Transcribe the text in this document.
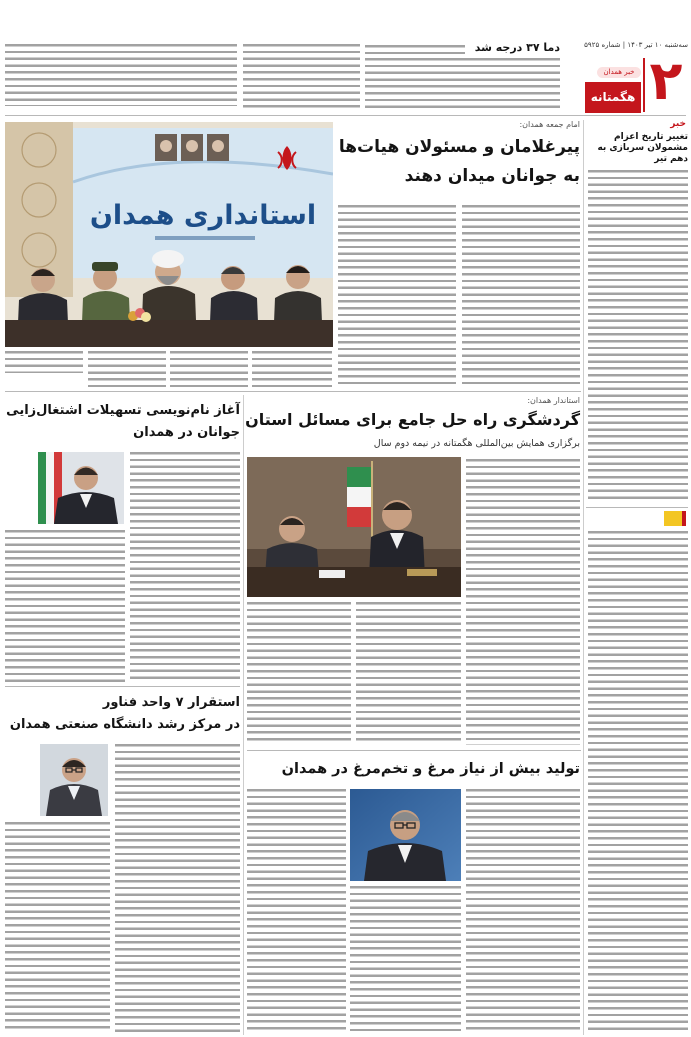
سه‌شنبه ۱۰ تیر ۱۴۰۳ | شماره ۵۹۲۵
۲
خبر همدان
هگمتانه
دما ۳۷ درجه شد
خبر
تغییر تاریخ اعزام مشمولان سربازی به دهم تیر
استانداری همدان
امام جمعه همدان:
پیرغلامان و مسئولان هیات‌ها
به جوانان میدان دهند
استاندار همدان:
گردشگری راه حل جامع برای مسائل استان
برگزاری همایش بین‌المللی هگمتانه در نیمه دوم سال
تولید بیش از نیاز مرغ و تخم‌مرغ در همدان
آغاز نام‌نویسی تسهیلات اشتغال‌زایی
جوانان در همدان
استقرار ۷ واحد فناور
در مرکز رشد دانشگاه صنعتی همدان
